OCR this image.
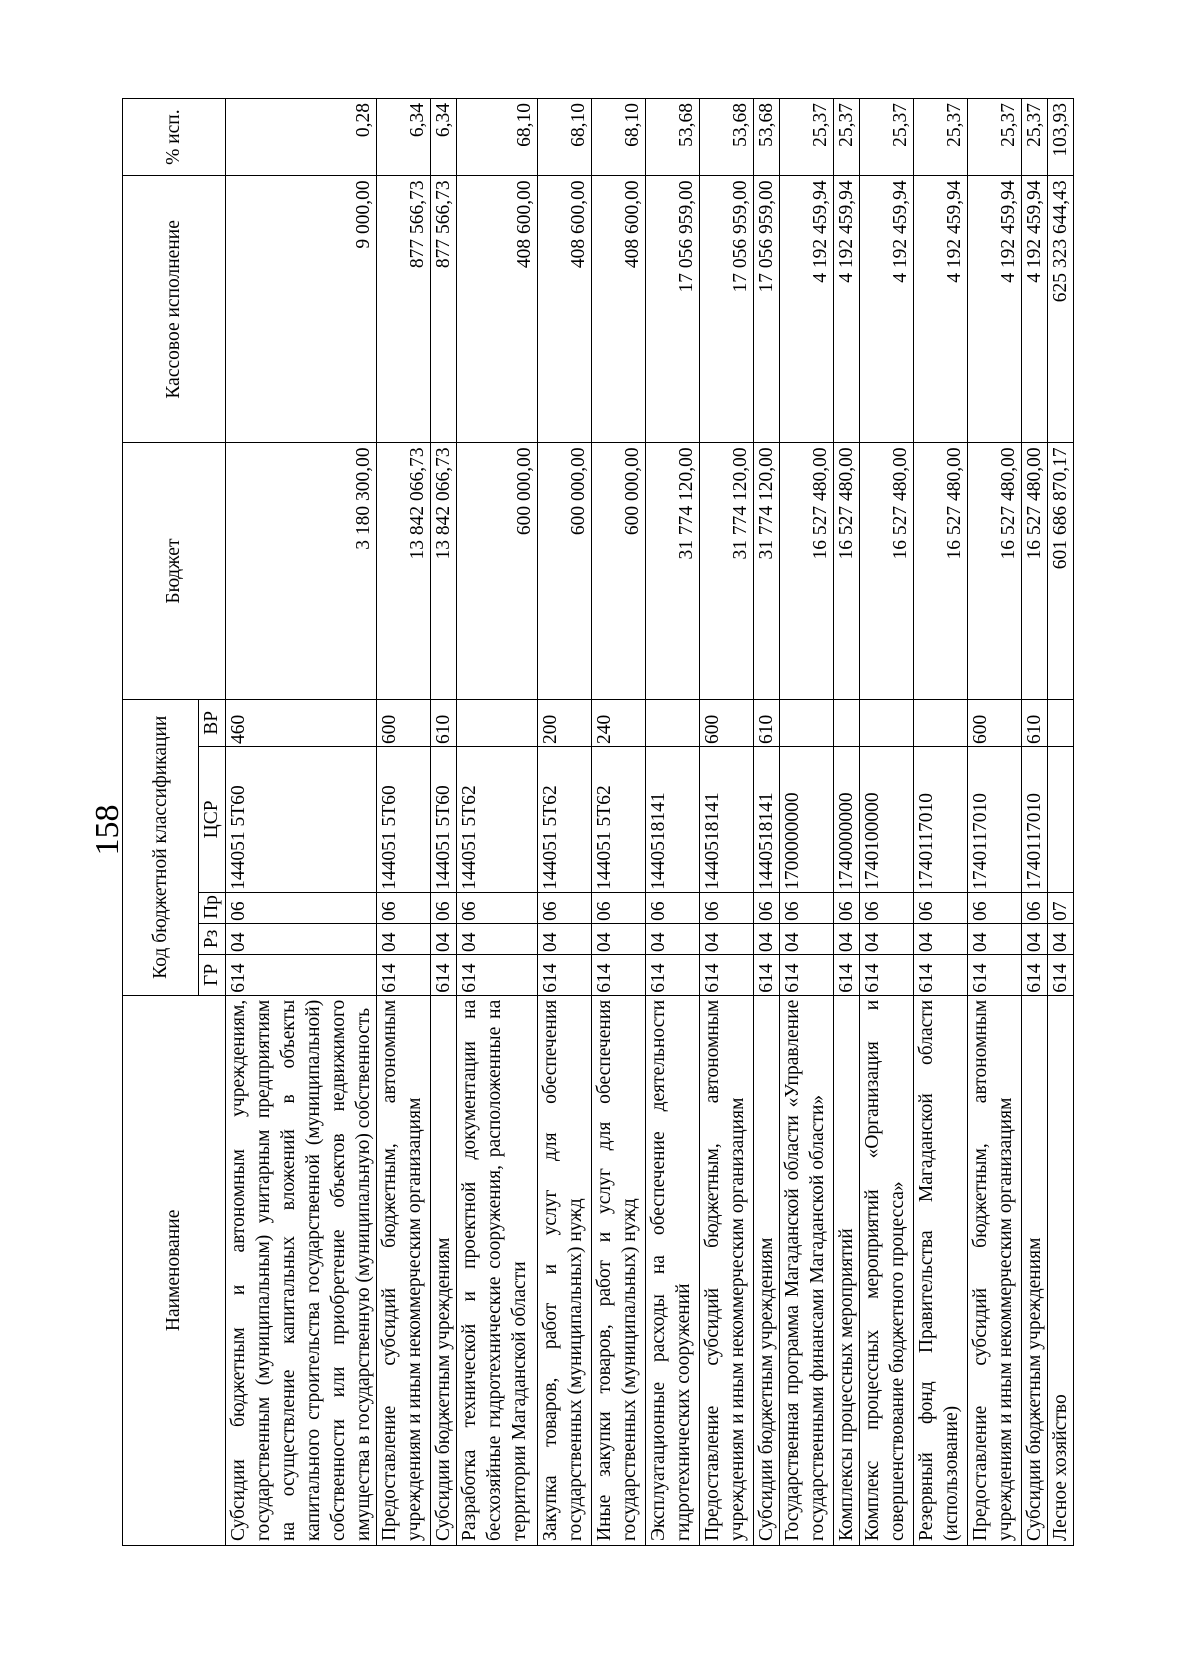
158
Наименование	Код бюджетной классификации					Бюджет	Кассовое исполнение	% исп.
	ГР	Рз	Пр	ЦСР	ВР			
Субсидии бюджетным и автономным учреждениям, государственным (муниципальным) унитарным предприятиям на осуществление капитальных вложений в объекты капитального строительства государственной (муниципальной) собственности или приобретение объектов недвижимого имущества в государственную (муниципальную) собственность	614	04	06	144051 5T60	460	3 180 300,00	9 000,00	0,28
Предоставление субсидий бюджетным, автономным учреждениям и иным некоммерческим организациям	614	04	06	144051 5T60	600	13 842 066,73	877 566,73	6,34
Субсидии бюджетным учреждениям	614	04	06	144051 5T60	610	13 842 066,73	877 566,73	6,34
Разработка технической и проектной документации на бесхозяйные гидротехнические сооружения, расположенные на территории Магаданской области	614	04	06	144051 5T62		600 000,00	408 600,00	68,10
Закупка товаров, работ и услуг для обеспечения государственных (муниципальных) нужд	614	04	06	144051 5T62	200	600 000,00	408 600,00	68,10
Иные закупки товаров, работ и услуг для обеспечения государственных (муниципальных) нужд	614	04	06	144051 5T62	240	600 000,00	408 600,00	68,10
Эксплуатационные расходы на обеспечение деятельности гидротехнических сооружений	614	04	06	1440518141		31 774 120,00	17 056 959,00	53,68
Предоставление субсидий бюджетным, автономным учреждениям и иным некоммерческим организациям	614	04	06	1440518141	600	31 774 120,00	17 056 959,00	53,68
Субсидии бюджетным учреждениям	614	04	06	1440518141	610	31 774 120,00	17 056 959,00	53,68
Государственная программа Магаданской области «Управление государственными финансами Магаданской области»	614	04	06	1700000000		16 527 480,00	4 192 459,94	25,37
Комплексы процессных мероприятий	614	04	06	1740000000		16 527 480,00	4 192 459,94	25,37
Комплекс процессных мероприятий «Организация и совершенствование бюджетного процесса»	614	04	06	1740100000		16 527 480,00	4 192 459,94	25,37
Резервный фонд Правительства Магаданской области (использование)	614	04	06	1740117010		16 527 480,00	4 192 459,94	25,37
Предоставление субсидий бюджетным, автономным учреждениям и иным некоммерческим организациям	614	04	06	1740117010	600	16 527 480,00	4 192 459,94	25,37
Субсидии бюджетным учреждениям	614	04	06	1740117010	610	16 527 480,00	4 192 459,94	25,37
Лесное хозяйство	614	04	07			601 686 870,17	625 323 644,43	103,93
